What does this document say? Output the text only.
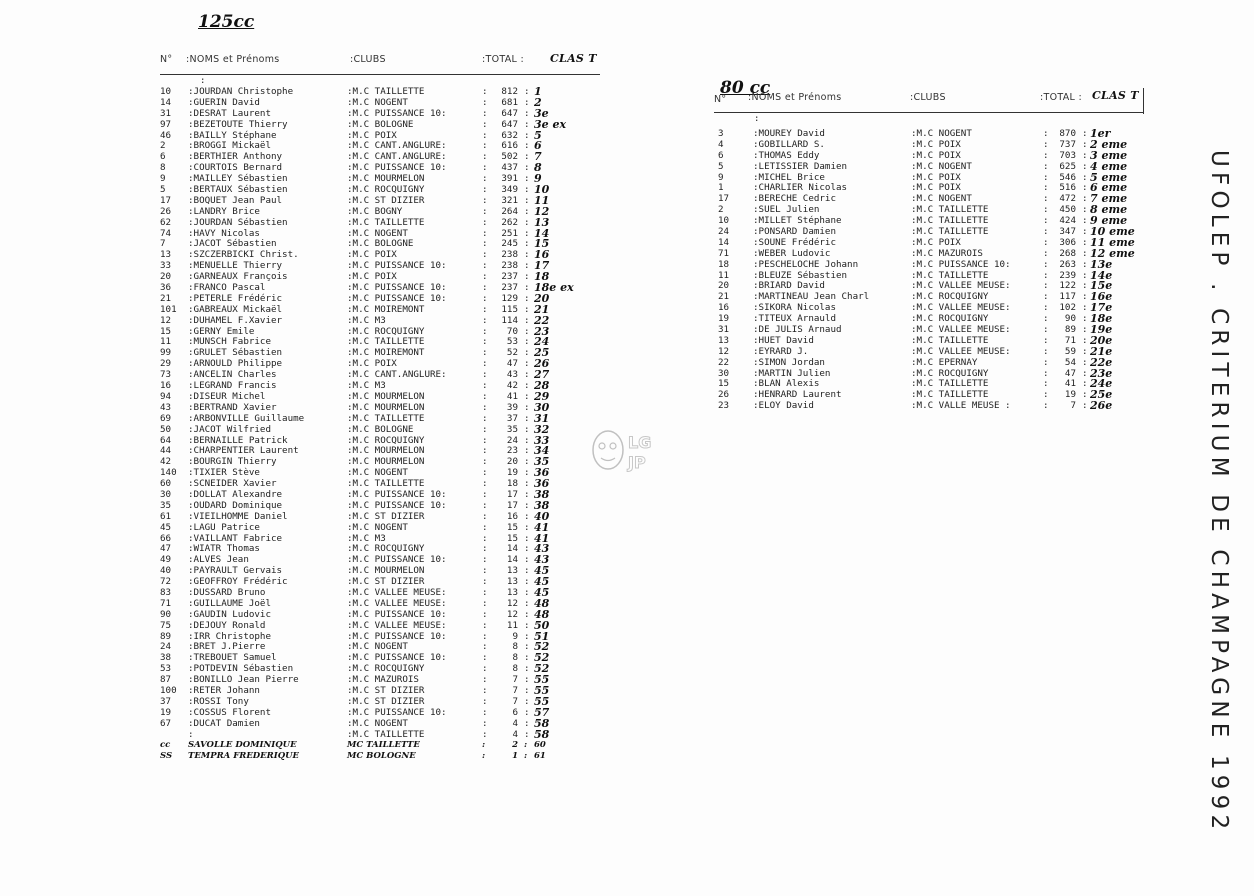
125cc
N° :NOMS et Prénoms	:CLUBS	:TOTAL : CLAS T
:
10	:JOURDAN Christophe	:M.C TAILLETTE	:	812 : 1
14	:GUERIN David	:M.C NOGENT	:	681 : 2
31	:DESRAT Laurent	:M.C PUISSANCE 10:	:	647 : 3e
97	:BEZETOUTE Thierry	:M.C BOLOGNE	:	647 : 3e ex
46	:BAILLY Stéphane	:M.C POIX	:	632 : 5
2	:BROGGI Mickaël	:M.C CANT.ANGLURE:	:	616 : 6
6	:BERTHIER Anthony	:M.C CANT.ANGLURE:	:	502 : 7
8	:COURTOIS Bernard	:M.C PUISSANCE 10:	:	437 : 8
9	:MAILLEY Sébastien	:M.C MOURMELON	:	391 : 9
5	:BERTAUX Sébastien	:M.C ROCQUIGNY	:	349 : 10
17	:BOQUET Jean Paul	:M.C ST DIZIER	:	321 : 11
26	:LANDRY Brice	:M.C BOGNY	:	264 : 12
62	:JOURDAN Sébastien	:M.C TAILLETTE	:	262 : 13
74	:HAVY Nicolas	:M.C NOGENT	:	251 : 14
7	:JACOT Sébastien	:M.C BOLOGNE	:	245 : 15
13	:SZCZERBICKI Christ.	:M.C POIX	:	238 : 16
33	:MENUELLE Thierry	:M.C PUISSANCE 10:	:	238 : 17
20	:GARNEAUX François	:M.C POIX	:	237 : 18
36	:FRANCO Pascal	:M.C PUISSANCE 10:	:	237 : 18e ex
21	:PETERLE Frédéric	:M.C PUISSANCE 10:	:	129 : 20
101	:GABREAUX Mickaël	:M.C MOIREMONT	:	115 : 21
12	:DUHAMEL F.Xavier	:M.C M3	:	114 : 22
15	:GERNY Emile	:M.C ROCQUIGNY	:	70 : 23
11	:MUNSCH Fabrice	:M.C TAILLETTE	:	53 : 24
99	:GRULET Sébastien	:M.C MOIREMONT	:	52 : 25
29	:ARNOULD Philippe	:M.C POIX	:	47 : 26
73	:ANCELIN Charles	:M.C CANT.ANGLURE:	:	43 : 27
16	:LEGRAND Francis	:M.C M3	:	42 : 28
94	:DISEUR Michel	:M.C MOURMELON	:	41 : 29
43	:BERTRAND Xavier	:M.C MOURMELON	:	39 : 30
69	:ARBONVILLE Guillaume	:M.C TAILLETTE	:	37 : 31
50	:JACOT Wilfried	:M.C BOLOGNE	:	35 : 32
64	:BERNAILLE Patrick	:M.C ROCQUIGNY	:	24 : 33
44	:CHARPENTIER Laurent	:M.C MOURMELON	:	23 : 34
42	:BOURGIN Thierry	:M.C MOURMELON	:	20 : 35
140	:TIXIER Stève	:M.C NOGENT	:	19 : 36
60	:SCNEIDER Xavier	:M.C TAILLETTE	:	18 : 36
30	:DOLLAT Alexandre	:M.C PUISSANCE 10:	:	17 : 38
35	:OUDARD Dominique	:M.C PUISSANCE 10:	:	17 : 38
61	:VIEILHOMME Daniel	:M.C ST DIZIER	:	16 : 40
45	:LAGU Patrice	:M.C NOGENT	:	15 : 41
66	:VAILLANT Fabrice	:M.C M3	:	15 : 41
47	:WIATR Thomas	:M.C ROCQUIGNY	:	14 : 43
49	:ALVES Jean	:M.C PUISSANCE 10:	:	14 : 43
40	:PAYRAULT Gervais	:M.C MOURMELON	:	13 : 45
72	:GEOFFROY Frédéric	:M.C ST DIZIER	:	13 : 45
83	:DUSSARD Bruno	:M.C VALLEE MEUSE:	:	13 : 45
71	:GUILLAUME Joël	:M.C VALLEE MEUSE:	:	12 : 48
90	:GAUDIN Ludovic	:M.C PUISSANCE 10:	:	12 : 48
75	:DEJOUY Ronald	:M.C VALLEE MEUSE:	:	11 : 50
89	:IRR Christophe	:M.C PUISSANCE 10:	:	9 : 51
24	:BRET J.Pierre	:M.C NOGENT	:	8 : 52
38	:TREBOUET Samuel	:M.C PUISSANCE 10:	:	8 : 52
53	:POTDEVIN Sébastien	:M.C ROCQUIGNY	:	8 : 52
87	:BONILLO Jean Pierre	:M.C MAZUROIS	:	7 : 55
100	:RETER Johann	:M.C ST DIZIER	:	7 : 55
37	:ROSSI Tony	:M.C ST DIZIER	:	7 : 55
19	:COSSUS Florent	:M.C PUISSANCE 10:	:	6 : 57
67	:DUCAT Damien	:M.C NOGENT	:	4 : 58
:	:M.C TAILLETTE	:	4 : 58
cc	SAVOLLE DOMINIQUE	MC TAILLETTE	:	2 : 60
SS	TEMPRA FREDERIQUE	MC BOLOGNE	:	1 : 61
80 cc
N° :NOMS et Prénoms	:CLUBS	:TOTAL : CLAS T
:
3	:MOUREY David	:M.C NOGENT	:	870 : 1er
4	:GOBILLARD S.	:M.C POIX	:	737 : 2 eme
6	:THOMAS Eddy	:M.C POIX	:	703 : 3 eme
5	:LETISSIER Damien	:M.C NOGENT	:	625 : 4 eme
9	:MICHEL Brice	:M.C POIX	:	546 : 5 eme
1	:CHARLIER Nicolas	:M.C POIX	:	516 : 6 eme
17	:BERECHE Cedric	:M.C NOGENT	:	472 : 7 eme
2	:SUEL Julien	:M.C TAILLETTE	:	450 : 8 eme
10	:MILLET Stéphane	:M.C TAILLETTE	:	424 : 9 eme
24	:PONSARD Damien	:M.C TAILLETTE	:	347 : 10 eme
14	:SOUNE Frédéric	:M.C POIX	:	306 : 11 eme
71	:WEBER Ludovic	:M.C MAZUROIS	:	268 : 12 eme
18	:PESCHELOCHE Johann	:M.C PUISSANCE 10:	:	263 : 13e
11	:BLEUZE Sébastien	:M.C TAILLETTE	:	239 : 14e
20	:BRIARD David	:M.C VALLEE MEUSE:	:	122 : 15e
21	:MARTINEAU Jean Charl	:M.C ROCQUIGNY	:	117 : 16e
16	:SIKORA Nicolas	:M.C VALLEE MEUSE:	:	102 : 17e
19	:TITEUX Arnauld	:M.C ROCQUIGNY	:	90 : 18e
31	:DE JULIS Arnaud	:M.C VALLEE MEUSE:	:	89 : 19e
13	:HUET David	:M.C TAILLETTE	:	71 : 20e
12	:EYRARD J.	:M.C VALLEE MEUSE:	:	59 : 21e
22	:SIMON Jordan	:M.C EPERNAY	:	54 : 22e
30	:MARTIN Julien	:M.C ROCQUIGNY	:	47 : 23e
15	:BLAN Alexis	:M.C TAILLETTE	:	41 : 24e
26	:HENRARD Laurent	:M.C TAILLETTE	:	19 : 25e
23	:ELOY David	:M.C VALLE MEUSE :	:	7 : 26e
LG
JP	UFOLEP . CRITERIUM DE CHAMPAGNE 1992
